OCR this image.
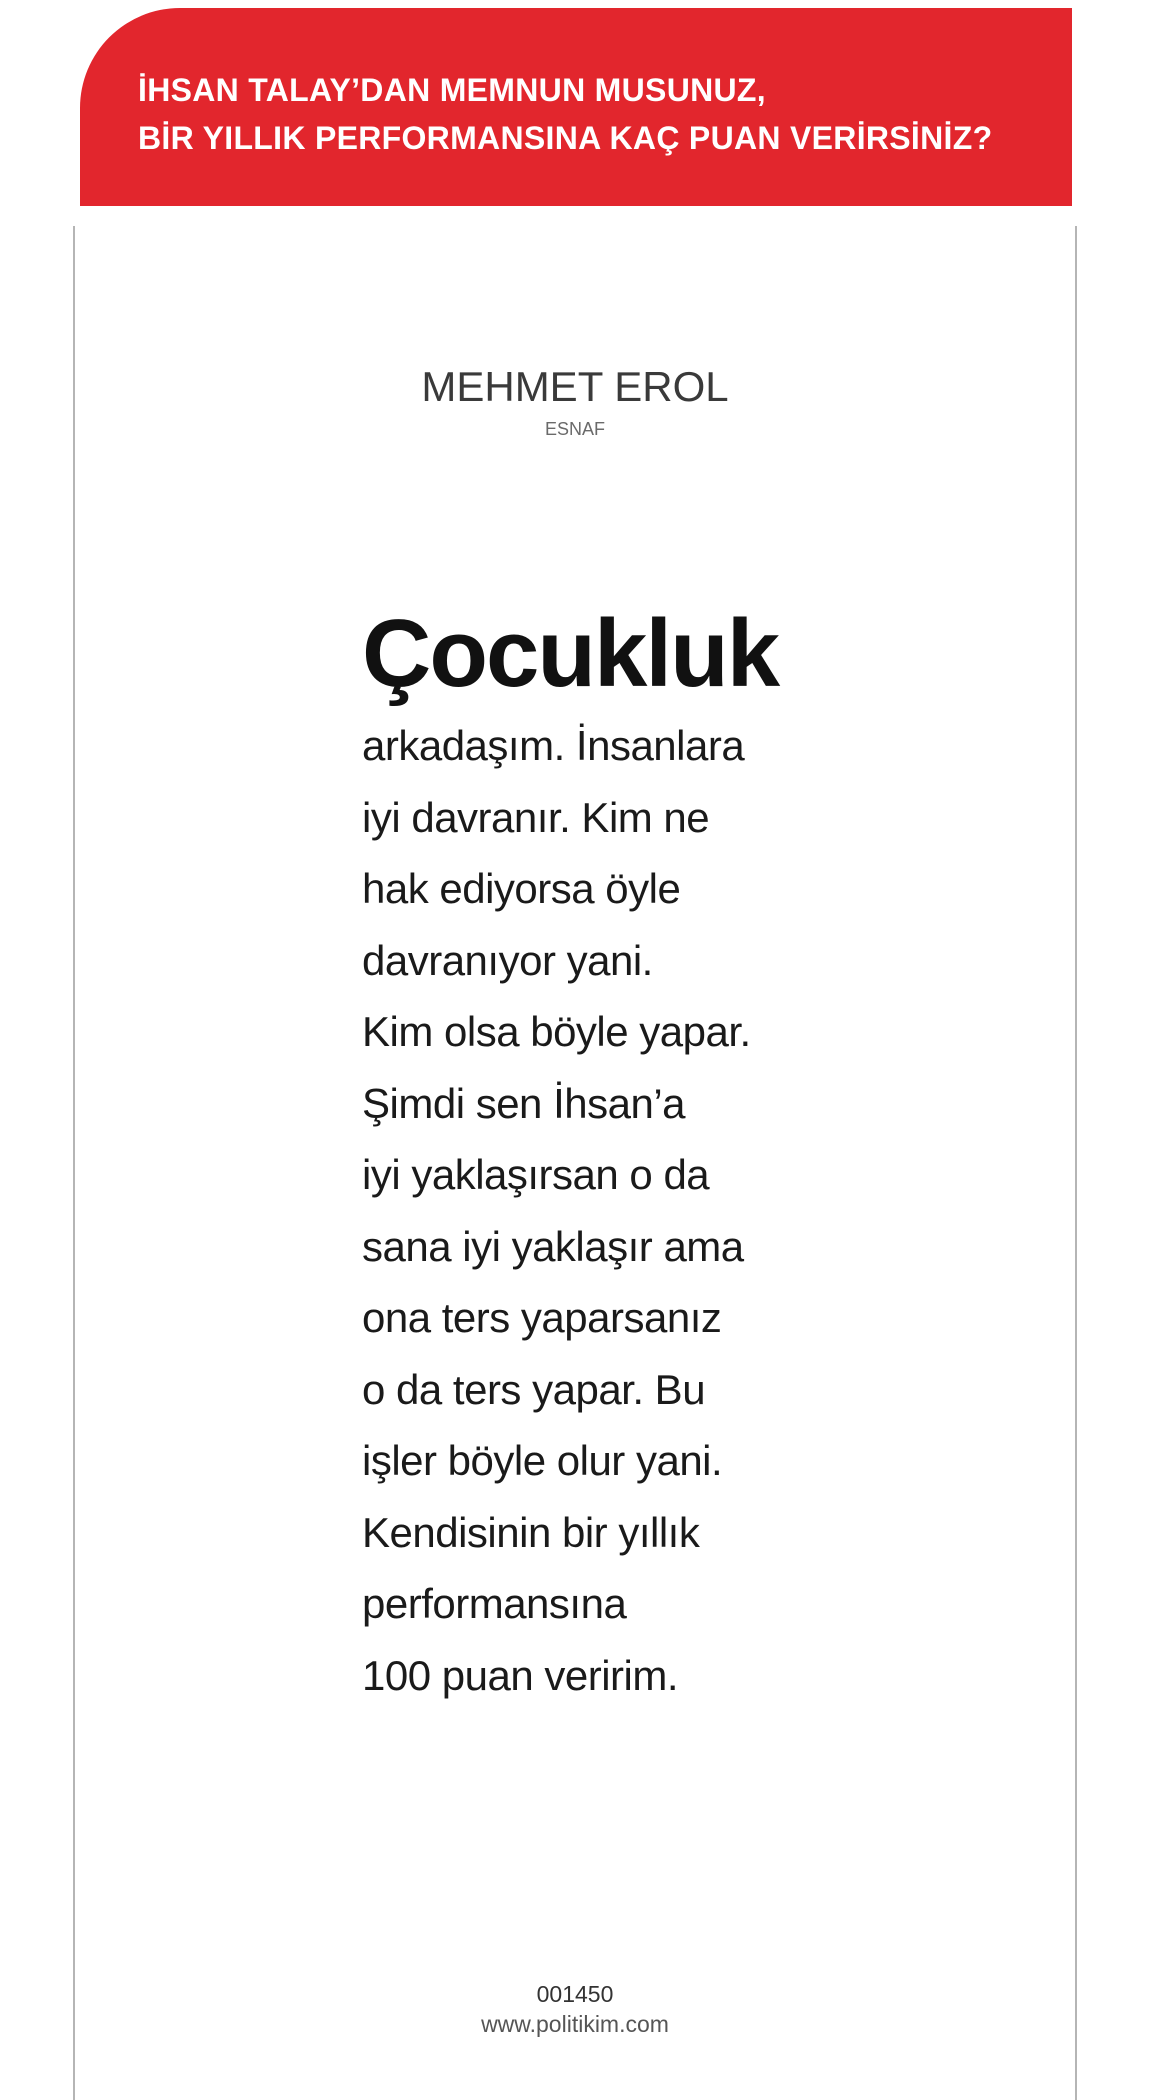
İHSAN TALAY’DAN MEMNUN MUSUNUZ,
BİR YILLIK PERFORMANSINA KAÇ PUAN VERİRSİNİZ?
MEHMET EROL
ESNAF
Çocukluk
arkadaşım. İnsanlara
iyi davranır. Kim ne
hak ediyorsa öyle
davranıyor yani.
Kim olsa böyle yapar.
Şimdi sen İhsan’a
iyi yaklaşırsan o da
sana iyi yaklaşır ama
ona ters yaparsanız
o da ters yapar. Bu
işler böyle olur yani.
Kendisinin bir yıllık
performansına
100 puan veririm.
001450
www.politikim.com
